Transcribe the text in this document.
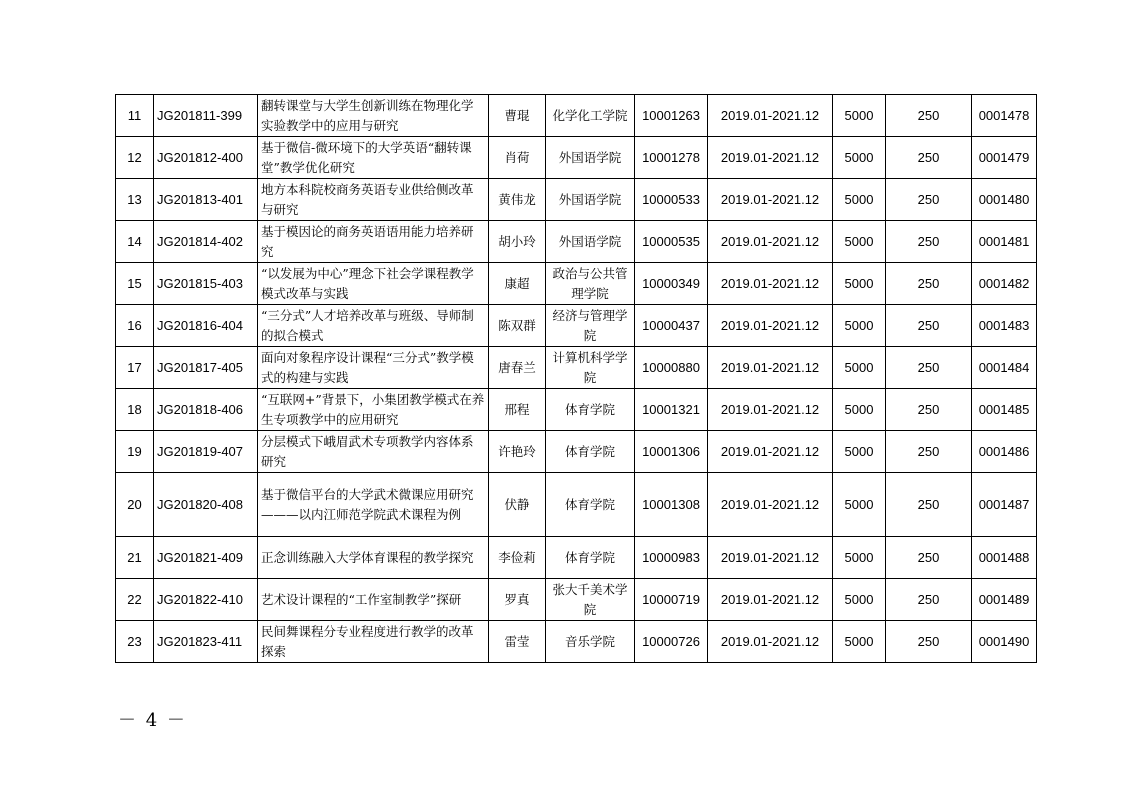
11	JG201811-399	翻转课堂与大学生创新训练在物理化学实验教学中的应用与研究	曹琨	化学化工学院	10001263	2019.01-2021.12	5000	250	0001478
12	JG201812-400	基于微信-微环境下的大学英语“翻转课堂”教学优化研究	肖荷	外国语学院	10001278	2019.01-2021.12	5000	250	0001479
13	JG201813-401	地方本科院校商务英语专业供给侧改革与研究	黄伟龙	外国语学院	10000533	2019.01-2021.12	5000	250	0001480
14	JG201814-402	基于模因论的商务英语语用能力培养研究	胡小玲	外国语学院	10000535	2019.01-2021.12	5000	250	0001481
15	JG201815-403	“以发展为中心”理念下社会学课程教学模式改革与实践	康超	政治与公共管理学院	10000349	2019.01-2021.12	5000	250	0001482
16	JG201816-404	“三分式”人才培养改革与班级、导师制的拟合模式	陈双群	经济与管理学院	10000437	2019.01-2021.12	5000	250	0001483
17	JG201817-405	面向对象程序设计课程“三分式”教学模式的构建与实践	唐春兰	计算机科学学院	10000880	2019.01-2021.12	5000	250	0001484
18	JG201818-406	“互联网+”背景下，小集团教学模式在养生专项教学中的应用研究	邢程	体育学院	10001321	2019.01-2021.12	5000	250	0001485
19	JG201819-407	分层模式下峨眉武术专项教学内容体系研究	许艳玲	体育学院	10001306	2019.01-2021.12	5000	250	0001486
20	JG201820-408	基于微信平台的大学武术微课应用研究———以内江师范学院武术课程为例	伏静	体育学院	10001308	2019.01-2021.12	5000	250	0001487
21	JG201821-409	正念训练融入大学体育课程的教学探究	李俭莉	体育学院	10000983	2019.01-2021.12	5000	250	0001488
22	JG201822-410	艺术设计课程的“工作室制教学”探研	罗真	张大千美术学院	10000719	2019.01-2021.12	5000	250	0001489
23	JG201823-411	民间舞课程分专业程度进行教学的改革探索	雷莹	音乐学院	10000726	2019.01-2021.12	5000	250	0001490
－ 4 －
